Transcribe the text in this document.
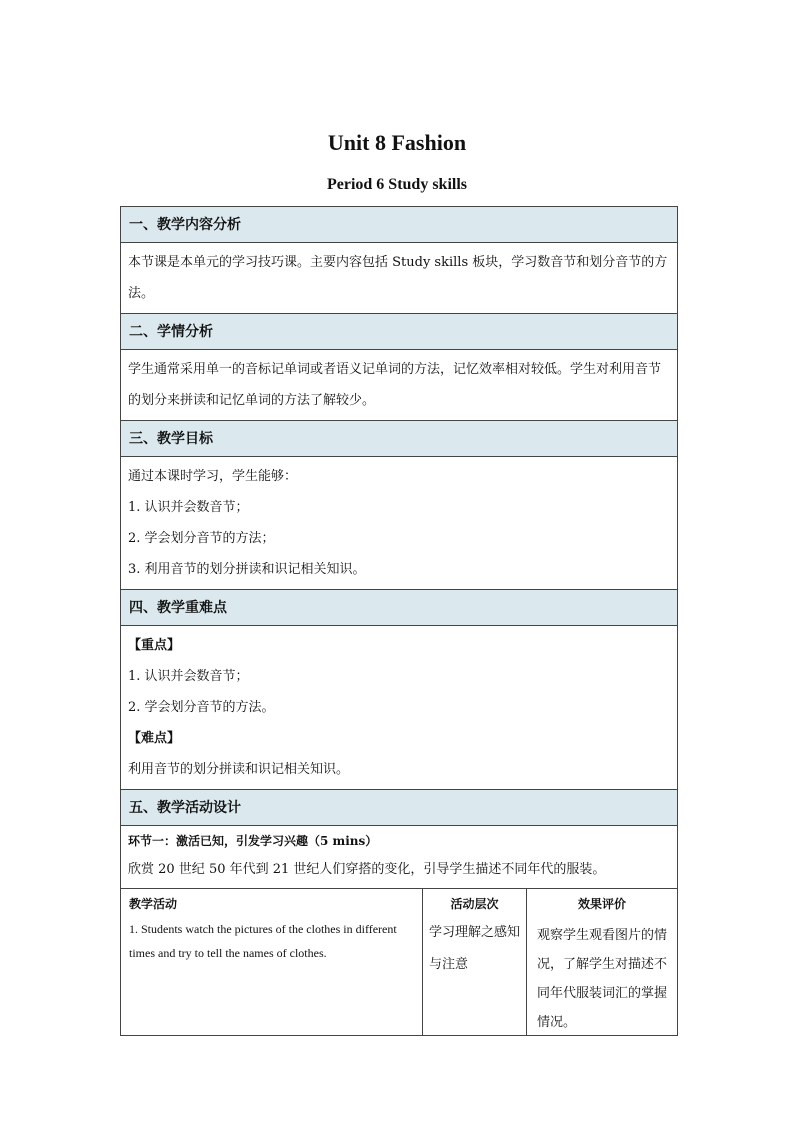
Unit 8 Fashion
Period 6 Study skills
一、教学内容分析

本节课是本单元的学习技巧课。主要内容包括 Study skills 板块，学习数音节和划分音节的方法。

二、学情分析

学生通常采用单一的音标记单词或者语义记单词的方法，记忆效率相对较低。学生对利用音节的划分来拼读和记忆单词的方法了解较少。

三、教学目标

通过本课时学习，学生能够：

1. 认识并会数音节；

2. 学会划分音节的方法；

3. 利用音节的划分拼读和识记相关知识。

四、教学重难点

【重点】

1. 认识并会数音节；

2. 学会划分音节的方法。

【难点】

利用音节的划分拼读和识记相关知识。

五、教学活动设计
环节一：激活已知，引发学习兴趣（5 mins）
欣赏 20 世纪 50 年代到 21 世纪人们穿搭的变化，引导学生描述不同年代的服装。
教学活动
1. Students watch the pictures of the clothes in different times and try to tell the names of clothes.
活动层次
学习理解之感知与注意
效果评价
观察学生观看图片的情况，了解学生对描述不同年代服装词汇的掌握情况。
